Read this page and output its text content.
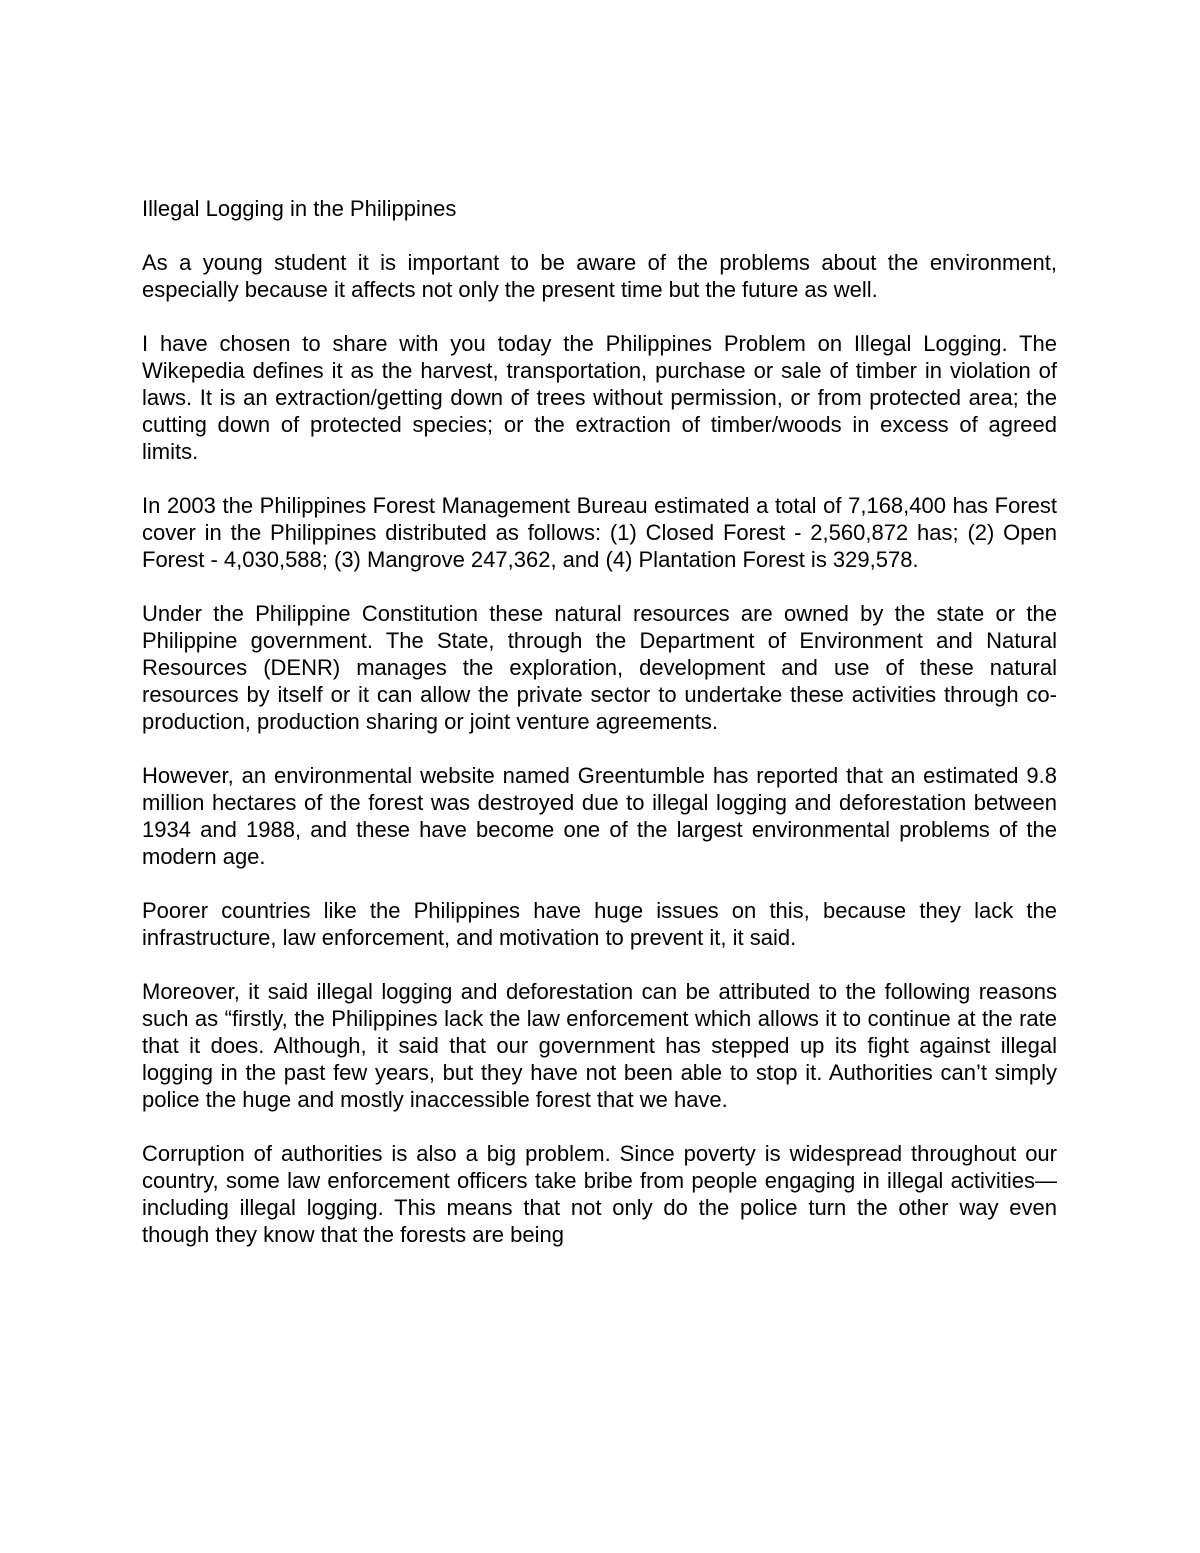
Illegal Logging in the Philippines

As a young student it is important to be aware of the problems about the environment, especially because it affects not only the present time but the future as well.

I have chosen to share with you today the Philippines Problem on Illegal Logging. The Wikepedia defines it as the harvest, transportation, purchase or sale of timber in violation of laws. It is an extraction/getting down of trees without permission, or from protected area; the cutting down of protected species; or the extraction of timber/woods in excess of agreed limits.

In 2003 the Philippines Forest Management Bureau estimated a total of 7,168,400 has Forest cover in the Philippines distributed as follows: (1) Closed Forest - 2,560,872 has; (2) Open Forest - 4,030,588; (3) Mangrove 247,362, and (4) Plantation Forest is 329,578.

Under the Philippine Constitution these natural resources are owned by the state or the Philippine government. The State, through the Department of Environment and Natural Resources (DENR) manages the exploration, development and use of these natural resources by itself or it can allow the private sector to undertake these activities through co-production, production sharing or joint venture agreements.

However, an environmental website named Greentumble has reported that an estimated 9.8 million hectares of the forest was destroyed due to illegal logging and deforestation between 1934 and 1988, and these have become one of the largest environmental problems of the modern age.

Poorer countries like the Philippines have huge issues on this, because they lack the infrastructure, law enforcement, and motivation to prevent it, it said.

Moreover, it said illegal logging and deforestation can be attributed to the following reasons such as “firstly, the Philippines lack the law enforcement which allows it to continue at the rate that it does. Although, it said that our government has stepped up its fight against illegal logging in the past few years, but they have not been able to stop it. Authorities can’t simply police the huge and mostly inaccessible forest that we have.

Corruption of authorities is also a big problem. Since poverty is widespread throughout our country, some law enforcement officers take bribe from people engaging in illegal activities—including illegal logging. This means that not only do the police turn the other way even though they know that the forests are being
